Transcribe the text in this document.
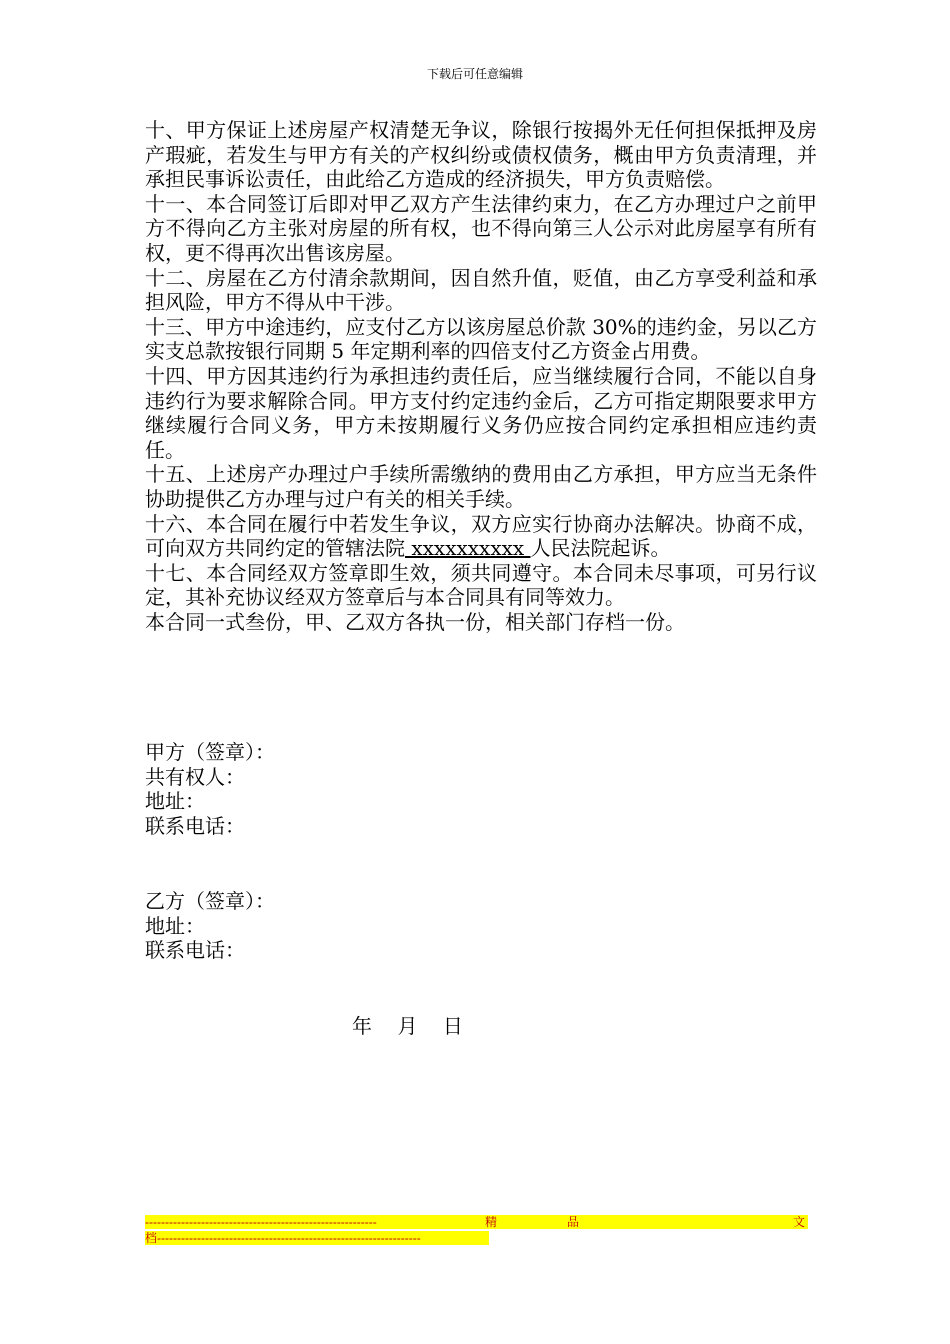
下载后可任意编辑

十、甲方保证上述房屋产权清楚无争议，除银行按揭外无任何担保抵押及房产瑕疵，若发生与甲方有关的产权纠纷或债权债务，概由甲方负责清理，并承担民事诉讼责任，由此给乙方造成的经济损失，甲方负责赔偿。

十一、本合同签订后即对甲乙双方产生法律约束力，在乙方办理过户之前甲方不得向乙方主张对房屋的所有权，也不得向第三人公示对此房屋享有所有权，更不得再次出售该房屋。

十二、房屋在乙方付清余款期间，因自然升值，贬值，由乙方享受利益和承担风险，甲方不得从中干涉。

十三、甲方中途违约，应支付乙方以该房屋总价款 30%的违约金，另以乙方实支总款按银行同期 5 年定期利率的四倍支付乙方资金占用费。

十四、甲方因其违约行为承担违约责任后，应当继续履行合同，不能以自身违约行为要求解除合同。甲方支付约定违约金后，乙方可指定期限要求甲方继续履行合同义务，甲方未按期履行义务仍应按合同约定承担相应违约责任。

十五、上述房产办理过户手续所需缴纳的费用由乙方承担，甲方应当无条件协助提供乙方办理与过户有关的相关手续。

十六、本合同在履行中若发生争议，双方应实行协商办法解决。协商不成，可向双方共同约定的管辖法院 xxxxxxxxxx 人民法院起诉。

十七、本合同经双方签章即生效，须共同遵守。本合同未尽事项，可另行议定，其补充协议经双方签章后与本合同具有同等效力。

本合同一式叁份，甲、乙双方各执一份，相关部门存档一份。

甲方（签章）：
共有权人：
地址：
联系电话：
乙方（签章）：
地址：
联系电话：
年 月 日
----------------------------------------------------------	精	品	文
档------------------------------------------------------------------
